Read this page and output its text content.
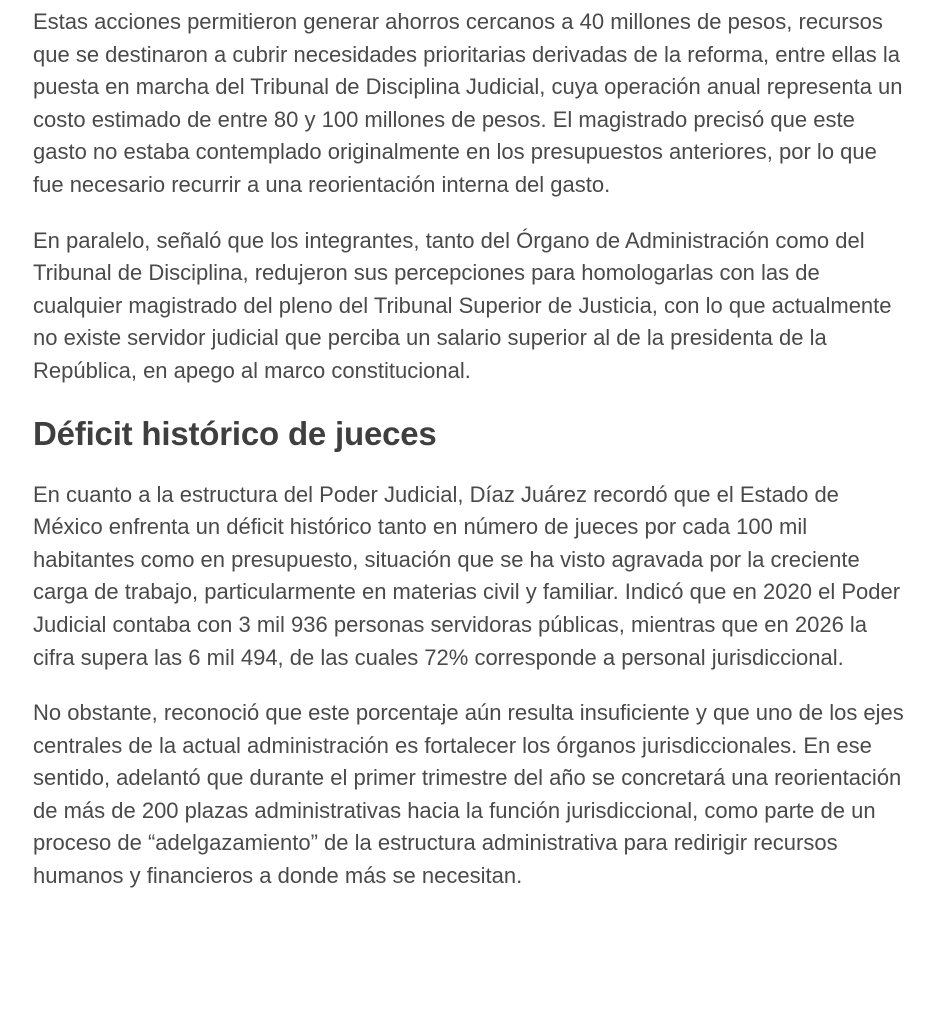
Estas acciones permitieron generar ahorros cercanos a 40 millones de pesos, recursos que se destinaron a cubrir necesidades prioritarias derivadas de la reforma, entre ellas la puesta en marcha del Tribunal de Disciplina Judicial, cuya operación anual representa un costo estimado de entre 80 y 100 millones de pesos. El magistrado precisó que este gasto no estaba contemplado originalmente en los presupuestos anteriores, por lo que fue necesario recurrir a una reorientación interna del gasto.

En paralelo, señaló que los integrantes, tanto del Órgano de Administración como del Tribunal de Disciplina, redujeron sus percepciones para homologarlas con las de cualquier magistrado del pleno del Tribunal Superior de Justicia, con lo que actualmente no existe servidor judicial que perciba un salario superior al de la presidenta de la República, en apego al marco constitucional.

Déficit histórico de jueces

En cuanto a la estructura del Poder Judicial, Díaz Juárez recordó que el Estado de México enfrenta un déficit histórico tanto en número de jueces por cada 100 mil habitantes como en presupuesto, situación que se ha visto agravada por la creciente carga de trabajo, particularmente en materias civil y familiar. Indicó que en 2020 el Poder Judicial contaba con 3 mil 936 personas servidoras públicas, mientras que en 2026 la cifra supera las 6 mil 494, de las cuales 72% corresponde a personal jurisdiccional.

No obstante, reconoció que este porcentaje aún resulta insuficiente y que uno de los ejes centrales de la actual administración es fortalecer los órganos jurisdiccionales. En ese sentido, adelantó que durante el primer trimestre del año se concretará una reorientación de más de 200 plazas administrativas hacia la función jurisdiccional, como parte de un proceso de “adelgazamiento” de la estructura administrativa para redirigir recursos humanos y financieros a donde más se necesitan.
